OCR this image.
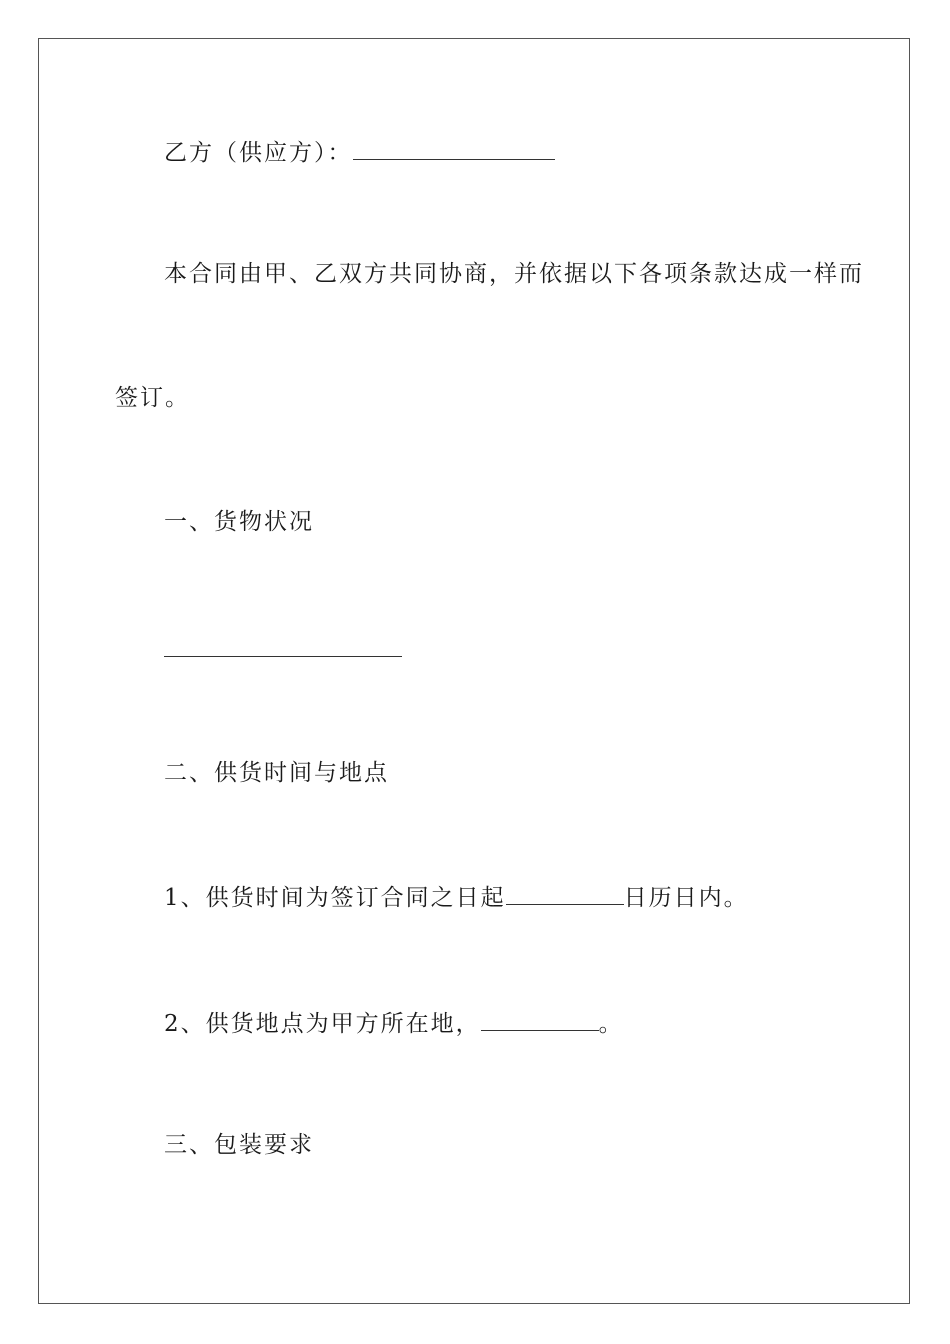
乙方（供应方）：
本合同由甲、乙双方共同协商，并依据以下各项条款达成一样而
签订。
一、货物状况
二、供货时间与地点
1、供货时间为签订合同之日起	日历日内。
2、供货地点为甲方所在地，	。
三、包装要求
